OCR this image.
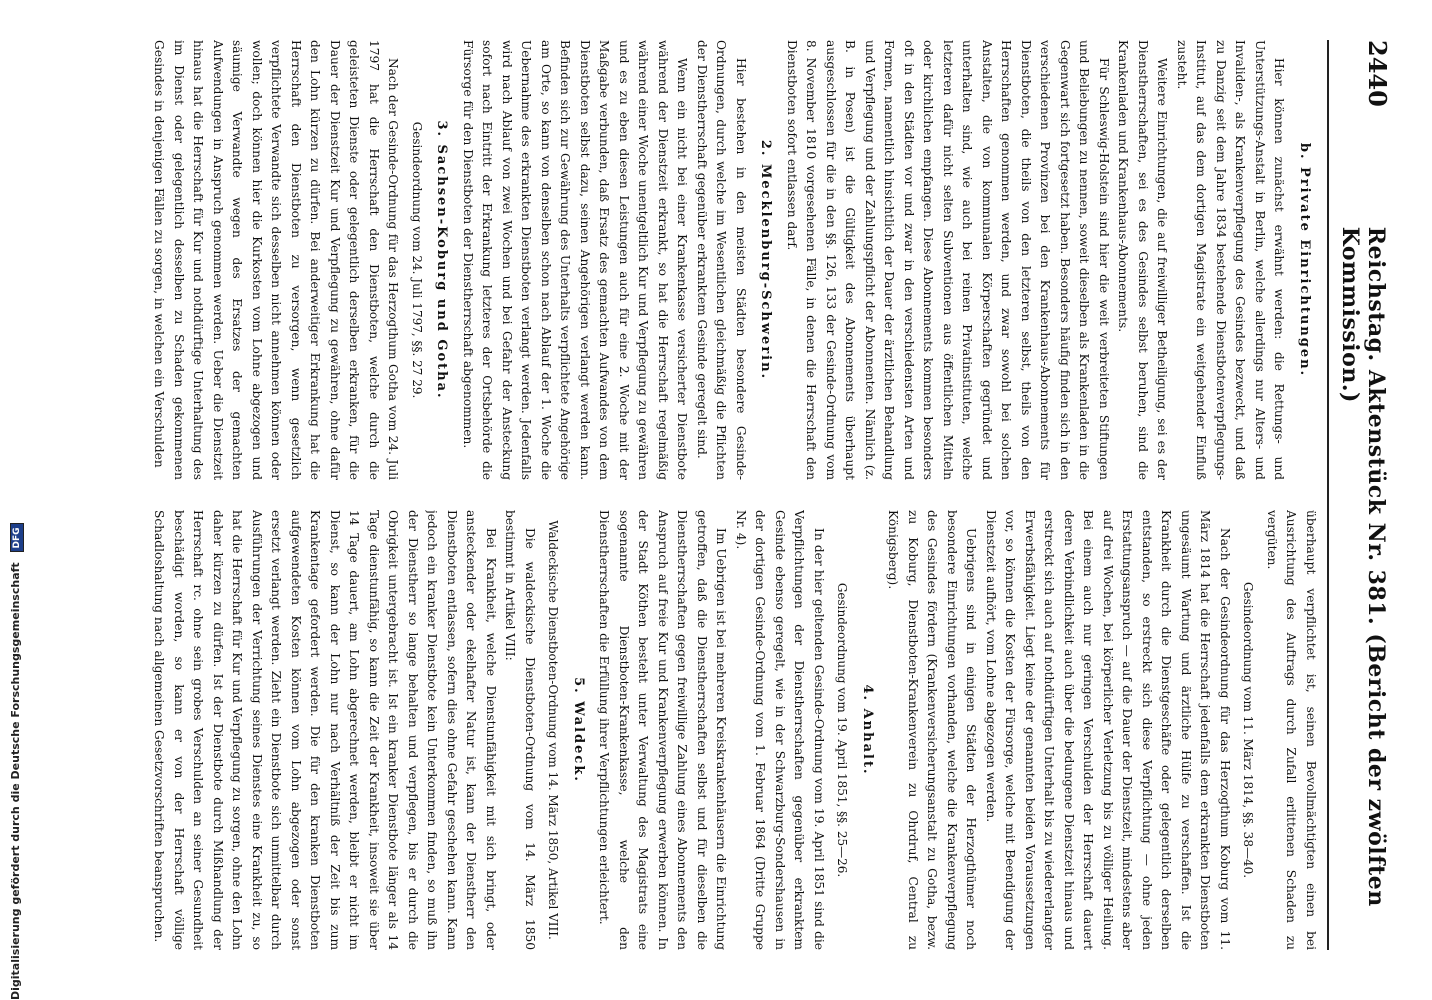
2440
Reichstag. Aktenstück Nr. 381. (Bericht der zwölften Kommission.)
b. Private Einrichtungen.

Hier können zunächst erwähnt werden: die Rettungs- und Unterstützungs-Anstalt in Berlin, welche allerdings nur Alters- und Invaliden-, als Krankenverpflegung des Gesindes bezweckt, und daß zu Danzig seit dem Jahre 1834 bestehende Dienstbotenverpflegungs-Institut, auf das dem dortigen Magistrate ein weitgehender Einfluß zusteht.

Weitere Einrichtungen, die auf freiwilliger Betheiligung, sei es der Dienstherrschaften, sei es des Gesindes selbst beruhen, sind die Krankenladen und Krankenhaus-Abonnements.

Für Schleswig-Holstein sind hier die weit verbreiteten Stiftungen und Beliebungen zu nennen, soweit dieselben als Krankenladen in die Gegenwart sich fortgesetzt haben. Besonders häufig finden sich in den verschiedenen Provinzen bei den Krankenhaus-Abonnements für Dienstboten, die theils von den letzteren selbst, theils von den Herrschaften genommen werden, und zwar sowohl bei solchen Anstalten, die von kommunalen Körperschaften gegründet und unterhalten sind, wie auch bei reinen Privatinstituten, welche letzteren dafür nicht selten Subventionen aus öffentlichen Mitteln oder kirchlichen empfangen. Diese Abonnements kommen besonders oft in den Städten vor und zwar in den verschiedensten Arten und Formen, namentlich hinsichtlich der Dauer der ärztlichen Behandlung und Verpflegung und der Zahlungspflicht der Abonnenten. Nämlich (z. B. in Posen) ist die Gültigkeit des Abonnements überhaupt ausgeschlossen für die in den §§. 126, 133 der Gesinde-Ordnung vom 8. November 1810 vorgesehenen Fälle, in denen die Herrschaft den Dienstboten sofort entlassen darf.

2. Mecklenburg-Schwerin.

Hier bestehen in den meisten Städten besondere Gesinde-Ordnungen, durch welche im Wesentlichen gleichmäßig die Pflichten der Dienstherrschaft gegenüber erkranktem Gesinde geregelt sind.

Wenn ein nicht bei einer Krankenkasse versicherter Dienstbote während der Dienstzeit erkrankt, so hat die Herrschaft regelmäßig während einer Woche unentgeltlich Kur und Verpflegung zu gewähren und es zu eben diesen Leistungen auch für eine 2. Woche mit der Maßgabe verbunden, daß Ersatz des gemachten Aufwandes von dem Dienstboten selbst dazu, seinen Angehörigen verlangt werden kann. Befinden sich zur Gewährung des Unterhalts verpflichtete Angehörige am Orte, so kann von denselben schon nach Ablauf der 1. Woche die Uebernahme des erkrankten Dienstboten verlangt werden. Jedenfalls wird nach Ablauf von zwei Wochen und bei Gefahr der Ansteckung sofort nach Eintritt der Erkrankung letzteres der Ortsbehörde die Fürsorge für den Dienstboten der Dienstherrschaft abgenommen.

3. Sachsen-Koburg und Gotha.

Gesindeordnung vom 24. Juli 1797, §§. 27 29.

Nach der Gesinde-Ordnung für das Herzogthum Gotha vom 24. Juli 1797 hat die Herrschaft den Dienstboten, welche durch die geleisteten Dienste oder gelegentlich derselben erkranken, für die Dauer der Dienstzeit Kur und Verpflegung zu gewähren, ohne dafür den Lohn kürzen zu dürfen. Bei anderweitiger Erkrankung hat die Herrschaft den Dienstboten zu versorgen, wenn gesetzlich verpflichtete Verwandte sich desselben nicht annehmen können oder wollen; doch können hier die Kurkosten vom Lohne abgezogen und säumige Verwandte wegen des Ersatzes der gemachten Aufwendungen in Anspruch genommen werden. Ueber die Dienstzeit hinaus hat die Herrschaft für Kur und nothdürftige Unterhaltung des im Dienst oder gelegentlich desselben zu Schaden gekommenen Gesindes in denjenigen Fällen zu sorgen, in welchen ein Verschulden

überhaupt verpflichtet ist, seinen Bevollmächtigten einen bei Ausrichtung des Auftrags durch Zufall erlittenen Schaden zu vergüten.

Gesindeordnung vom 11. März 1814, §§. 38—40.

Nach der Gesindeordnung für das Herzogthum Koburg vom 11. März 1814 hat die Herrschaft jedenfalls dem erkrankten Dienstboten ungesäumt Wartung und ärztliche Hülfe zu verschaffen. Ist die Krankheit durch die Dienstgeschäfte oder gelegentlich derselben entstanden, so erstreckt sich diese Verpflichtung — ohne jeden Erstattungsanspruch — auf die Dauer der Dienstzeit, mindestens aber auf drei Wochen, bei körperlicher Verletzung bis zu völliger Heilung. Bei einem auch nur geringen Verschulden der Herrschaft dauert deren Verbindlichkeit auch über die bedungene Dienstzeit hinaus und erstreckt sich auch auf nothdürftigen Unterhalt bis zu wiedererlangter Erwerbsfähigkeit. Liegt keine der genannten beiden Voraussetzungen vor, so können die Kosten der Fürsorge, welche mit Beendigung der Dienstzeit aufhört, vom Lohne abgezogen werden.

Uebrigens sind in einigen Städten der Herzogthümer noch besondere Einrichtungen vorhanden, welche die Krankenverpflegung des Gesindes fördern (Krankenversicherungsanstalt zu Gotha, bezw. zu Koburg, Dienstboten-Krankenverein zu Ohrdruf, Central zu Königsberg).

4. Anhalt.

Gesindeordnung vom 19. April 1851, §§. 25—26.

In der hier geltenden Gesinde-Ordnung vom 19. April 1851 sind die Verpflichtungen der Dienstherrschaften gegenüber erkranktem Gesinde ebenso geregelt, wie in der Schwarzburg-Sondershausen in der dortigen Gesinde-Ordnung vom 1. Februar 1864 (Dritte Gruppe Nr. 4).

Im Uebrigen ist bei mehreren Kreiskrankenhäusern die Einrichtung getroffen, daß die Dienstherrschaften selbst und für dieselben die Dienstherrschaften gegen freiwillige Zahlung eines Abonnements den Anspruch auf freie Kur und Krankenverpflegung erwerben können. In der Stadt Köthen besteht unter Verwaltung des Magistrats eine sogenannte Dienstboten-Krankenkasse, welche den Dienstherrschaften die Erfüllung ihrer Verpflichtungen erleichtert.

5. Waldeck.

Waldeckische Dienstboten-Ordnung vom 14. März 1850, Artikel VIII.

Die waldeckische Dienstboten-Ordnung vom 14. März 1850 bestimmt in Artikel VIII:

Bei Krankheit, welche Dienstunfähigkeit mit sich bringt, oder ansteckender oder ekelhafter Natur ist, kann der Dienstherr den Dienstboten entlassen, sofern dies ohne Gefahr geschehen kann. Kann jedoch ein kranker Dienstbote kein Unterkommen finden, so muß ihn der Dienstherr so lange behalten und verpflegen, bis er durch die Obrigkeit untergebracht ist. Ist ein kranker Dienstbote länger als 14 Tage dienstunfähig, so kann die Zeit der Krankheit, insoweit sie über 14 Tage dauert, am Lohn abgerechnet werden, bleibt er nicht im Dienst, so kann der Lohn nur nach Verhältniß der Zeit bis zum Krankentage gefordert werden. Die für den kranken Dienstboten aufgewendeten Kosten können vom Lohn abgezogen oder sonst ersetzt verlangt werden. Zieht ein Dienstbote sich unmittelbar durch Ausführungen der Verrichtung seines Dienstes eine Krankheit zu, so hat die Herrschaft für Kur und Verpflegung zu sorgen, ohne den Lohn daher kürzen zu dürfen. Ist der Dienstbote durch Mißhandlung der Herrschaft rc. ohne sein grobes Verschulden an seiner Gesundheit beschädigt worden, so kann er von der Herrschaft völlige Schadloshaltung nach allgemeinen Gesetzvorschriften beanspruchen.

Digitalisierung gefördert durch die Deutsche Forschungsgemeinschaft DFG
